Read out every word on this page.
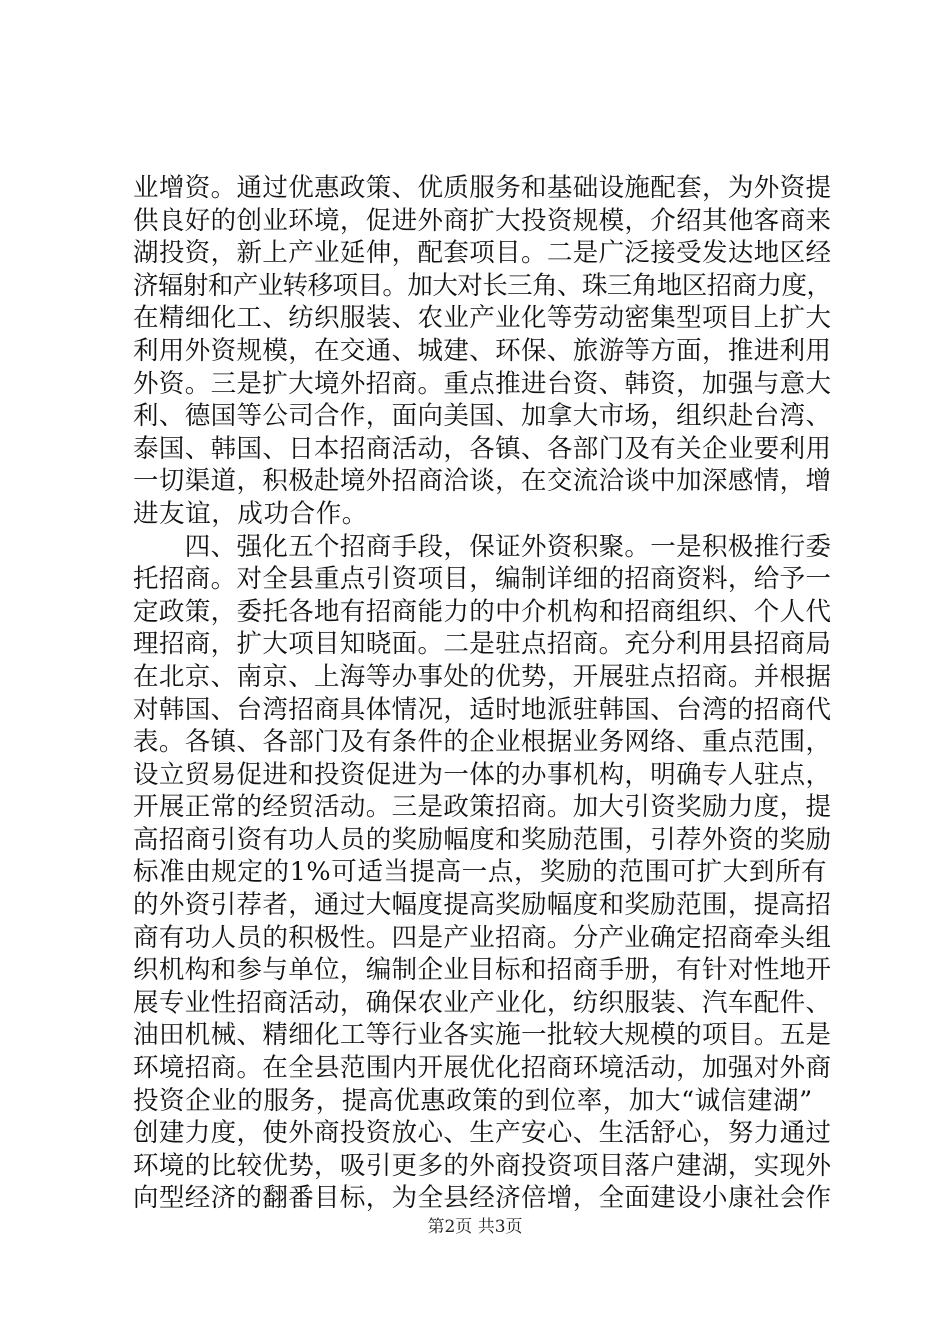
业增资。通过优惠政策、优质服务和基础设施配套，为外资提
供良好的创业环境，促进外商扩大投资规模，介绍其他客商来
湖投资，新上产业延伸，配套项目。二是广泛接受发达地区经
济辐射和产业转移项目。加大对长三角、珠三角地区招商力度，
在精细化工、纺织服装、农业产业化等劳动密集型项目上扩大
利用外资规模，在交通、城建、环保、旅游等方面，推进利用
外资。三是扩大境外招商。重点推进台资、韩资，加强与意大
利、德国等公司合作，面向美国、加拿大市场，组织赴台湾、
泰国、韩国、日本招商活动，各镇、各部门及有关企业要利用
一切渠道，积极赴境外招商洽谈，在交流洽谈中加深感情，增
进友谊，成功合作。
　　四、强化五个招商手段，保证外资积聚。一是积极推行委
托招商。对全县重点引资项目，编制详细的招商资料，给予一
定政策，委托各地有招商能力的中介机构和招商组织、个人代
理招商，扩大项目知晓面。二是驻点招商。充分利用县招商局
在北京、南京、上海等办事处的优势，开展驻点招商。并根据
对韩国、台湾招商具体情况，适时地派驻韩国、台湾的招商代
表。各镇、各部门及有条件的企业根据业务网络、重点范围，
设立贸易促进和投资促进为一体的办事机构，明确专人驻点，
开展正常的经贸活动。三是政策招商。加大引资奖励力度，提
高招商引资有功人员的奖励幅度和奖励范围，引荐外资的奖励
标准由规定的1%可适当提高一点，奖励的范围可扩大到所有
的外资引荐者，通过大幅度提高奖励幅度和奖励范围，提高招
商有功人员的积极性。四是产业招商。分产业确定招商牵头组
织机构和参与单位，编制企业目标和招商手册，有针对性地开
展专业性招商活动，确保农业产业化，纺织服装、汽车配件、
油田机械、精细化工等行业各实施一批较大规模的项目。五是
环境招商。在全县范围内开展优化招商环境活动，加强对外商
投资企业的服务，提高优惠政策的到位率，加大“诚信建湖”
创建力度，使外商投资放心、生产安心、生活舒心，努力通过
环境的比较优势，吸引更多的外商投资项目落户建湖，实现外
向型经济的翻番目标，为全县经济倍增，全面建设小康社会作
第2页 共3页
